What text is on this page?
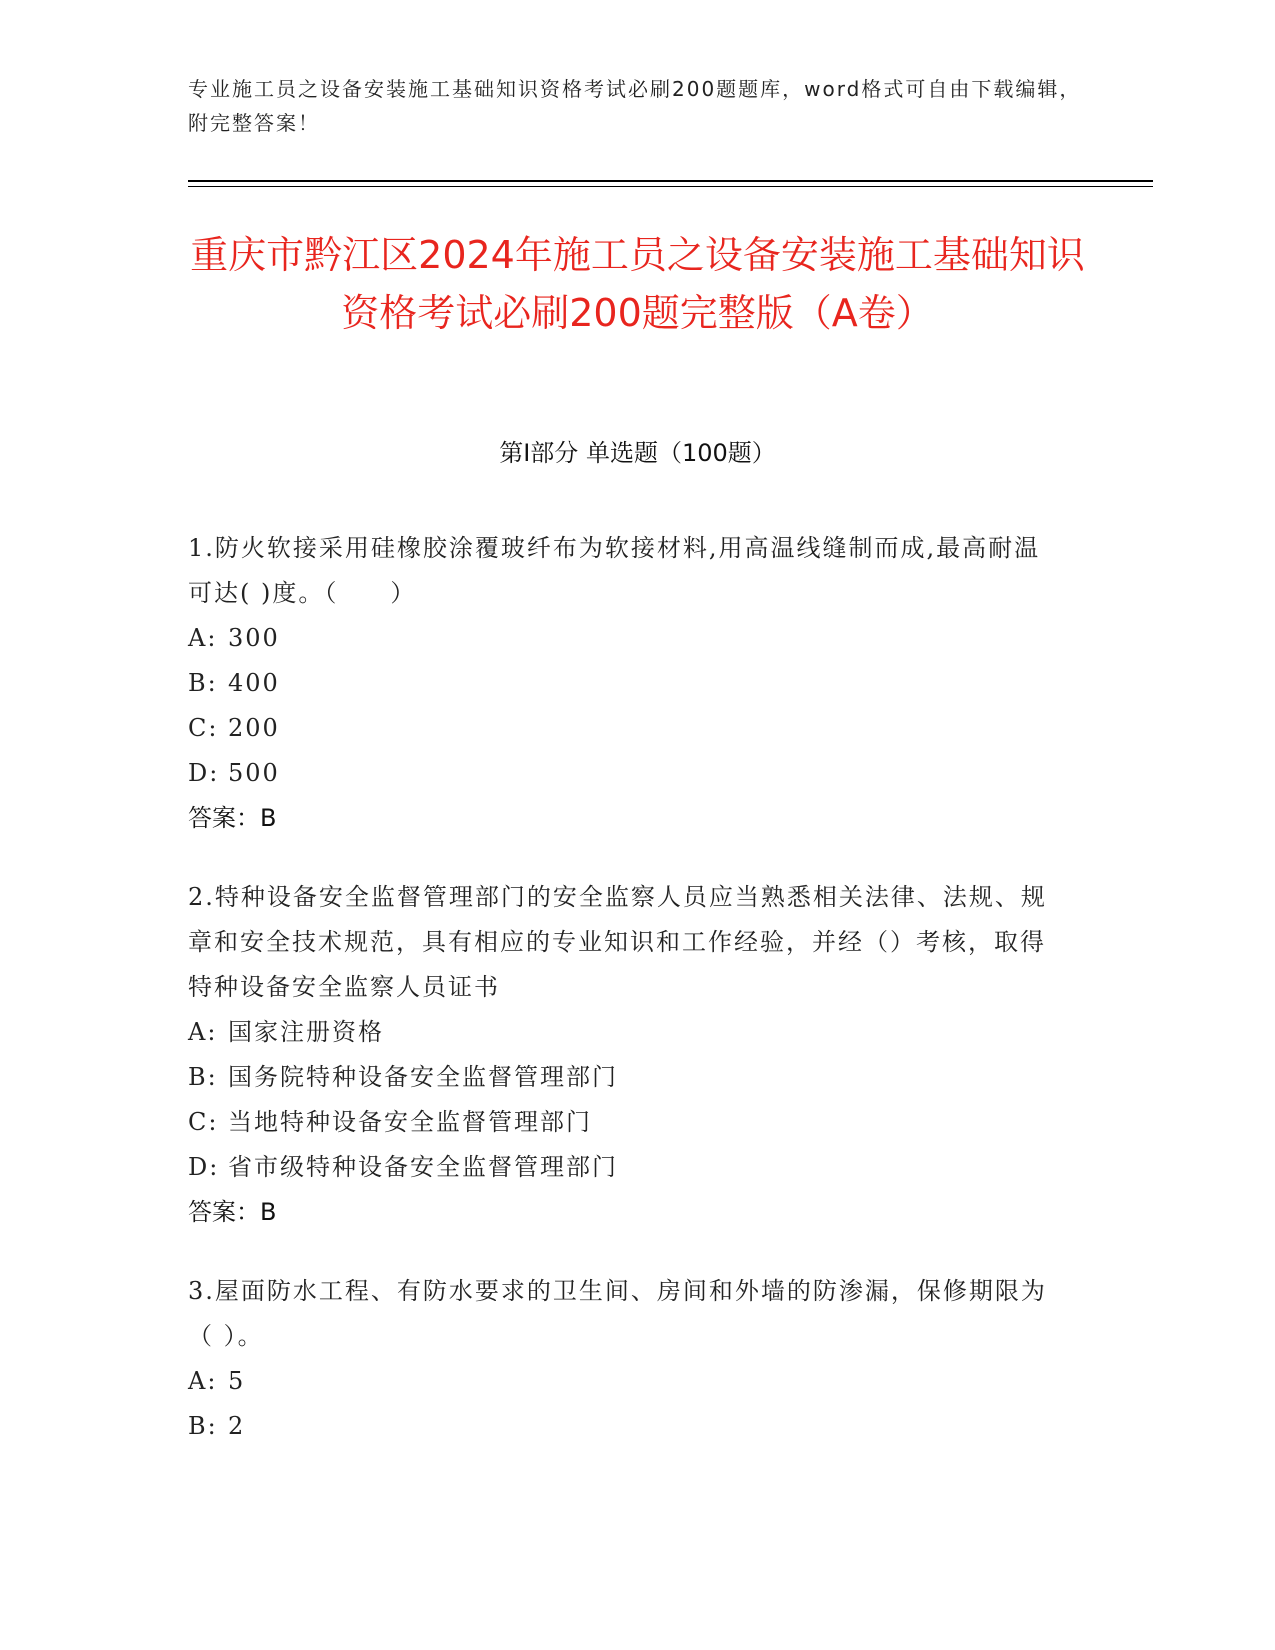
专业施工员之设备安装施工基础知识资格考试必刷200题题库，word格式可自由下载编辑，附完整答案！
重庆市黔江区2024年施工员之设备安装施工基础知识资格考试必刷200题完整版（A卷）
第I部分 单选题（100题）

1.防火软接采用硅橡胶涂覆玻纤布为软接材料,用高温线缝制而成,最高耐温可达( )度。（　　）

A: 300

B: 400

C: 200

D: 500

答案：B

2.特种设备安全监督管理部门的安全监察人员应当熟悉相关法律、法规、规章和安全技术规范，具有相应的专业知识和工作经验，并经（）考核，取得特种设备安全监察人员证书

A: 国家注册资格

B: 国务院特种设备安全监督管理部门

C: 当地特种设备安全监督管理部门

D: 省市级特种设备安全监督管理部门

答案：B

3.屋面防水工程、有防水要求的卫生间、房间和外墙的防渗漏，保修期限为（ ）。

A: 5

B: 2
